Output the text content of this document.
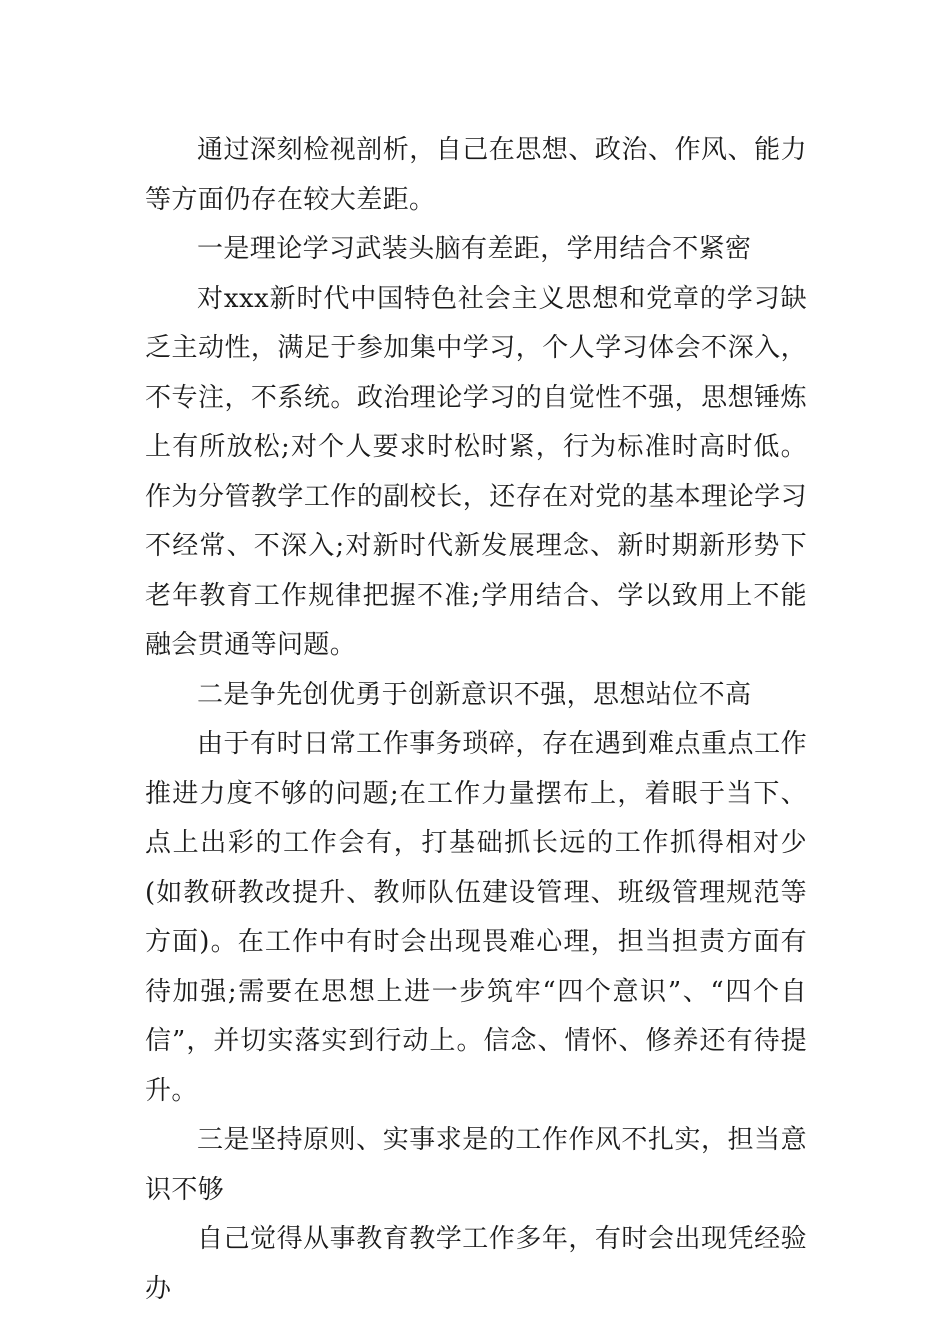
通过深刻检视剖析，自己在思想、政治、作风、能力等方面仍存在较大差距。

一是理论学习武装头脑有差距，学用结合不紧密

对xxx新时代中国特色社会主义思想和党章的学习缺乏主动性，满足于参加集中学习，个人学习体会不深入，不专注，不系统。政治理论学习的自觉性不强，思想锤炼上有所放松;对个人要求时松时紧，行为标准时高时低。作为分管教学工作的副校长，还存在对党的基本理论学习不经常、不深入;对新时代新发展理念、新时期新形势下老年教育工作规律把握不准;学用结合、学以致用上不能融会贯通等问题。

二是争先创优勇于创新意识不强，思想站位不高

由于有时日常工作事务琐碎，存在遇到难点重点工作推进力度不够的问题;在工作力量摆布上，着眼于当下、点上出彩的工作会有，打基础抓长远的工作抓得相对少(如教研教改提升、教师队伍建设管理、班级管理规范等方面)。在工作中有时会出现畏难心理，担当担责方面有待加强;需要在思想上进一步筑牢“四个意识”、“四个自信”，并切实落实到行动上。信念、情怀、修养还有待提升。

三是坚持原则、实事求是的工作作风不扎实，担当意识不够

自己觉得从事教育教学工作多年，有时会出现凭经验办
